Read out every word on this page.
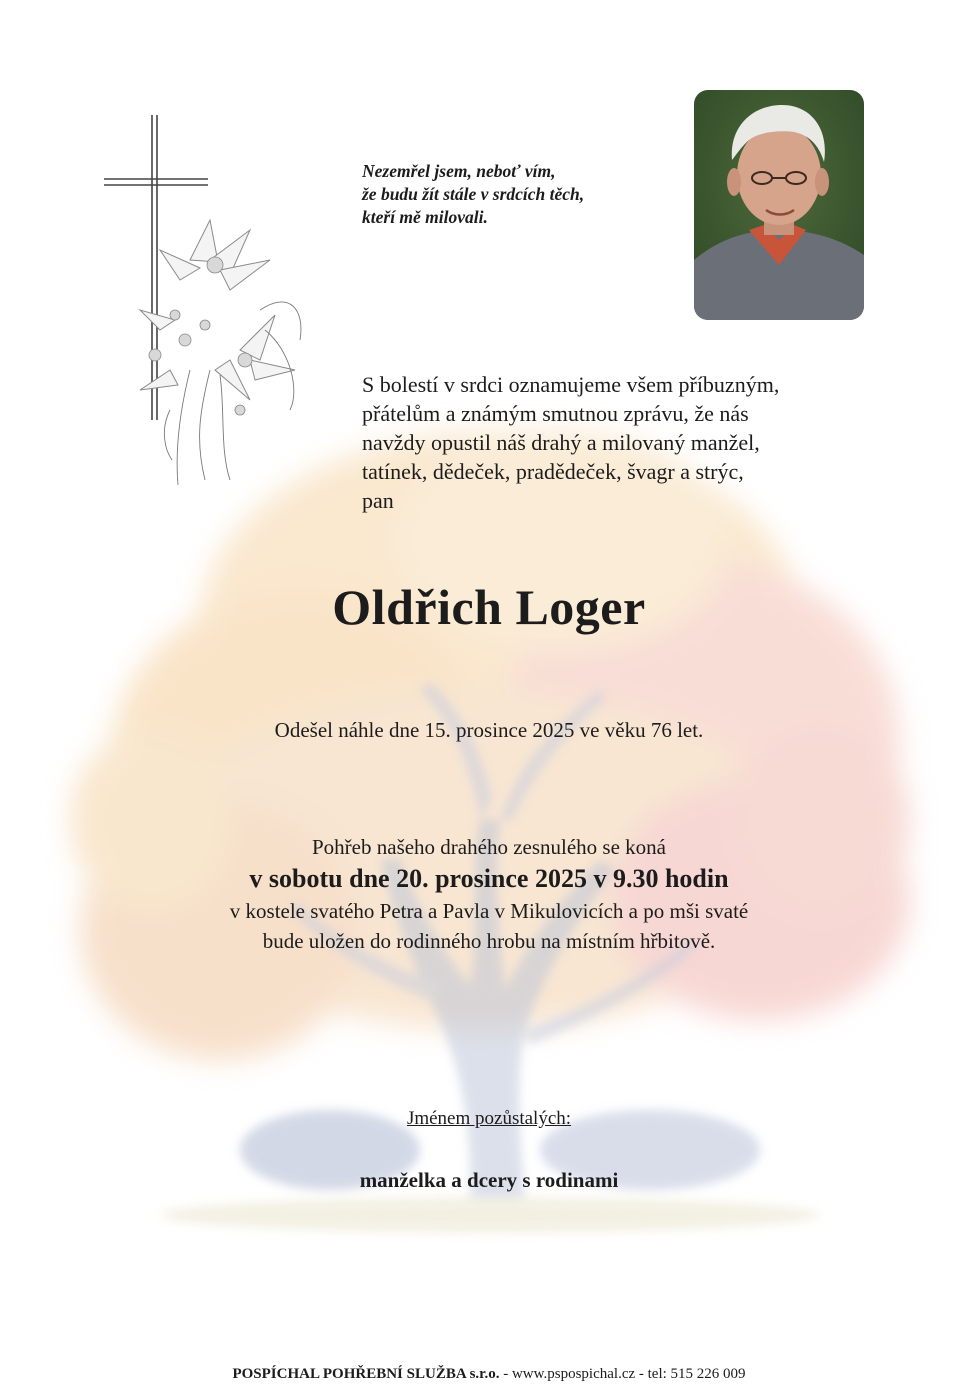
Nezemřel jsem, neboť vím,
že budu žít stále v srdcích těch,
kteří mě milovali.
S bolestí v srdci oznamujeme všem příbuzným,
přátelům a známým smutnou zprávu, že nás
navždy opustil náš drahý a milovaný manžel,
tatínek, dědeček, pradědeček, švagr a strýc,
pan
Oldřich Loger
Odešel náhle dne 15. prosince 2025 ve věku 76 let.
Pohřeb našeho drahého zesnulého se koná
v sobotu dne 20. prosince 2025 v 9.30 hodin
v kostele svatého Petra a Pavla v Mikulovicích a po mši svaté
bude uložen do rodinného hrobu na místním hřbitově.
Jménem pozůstalých:
manželka a dcery s rodinami
POSPÍCHAL POHŘEBNÍ SLUŽBA s.r.o. - www.pspospichal.cz - tel: 515 226 009
